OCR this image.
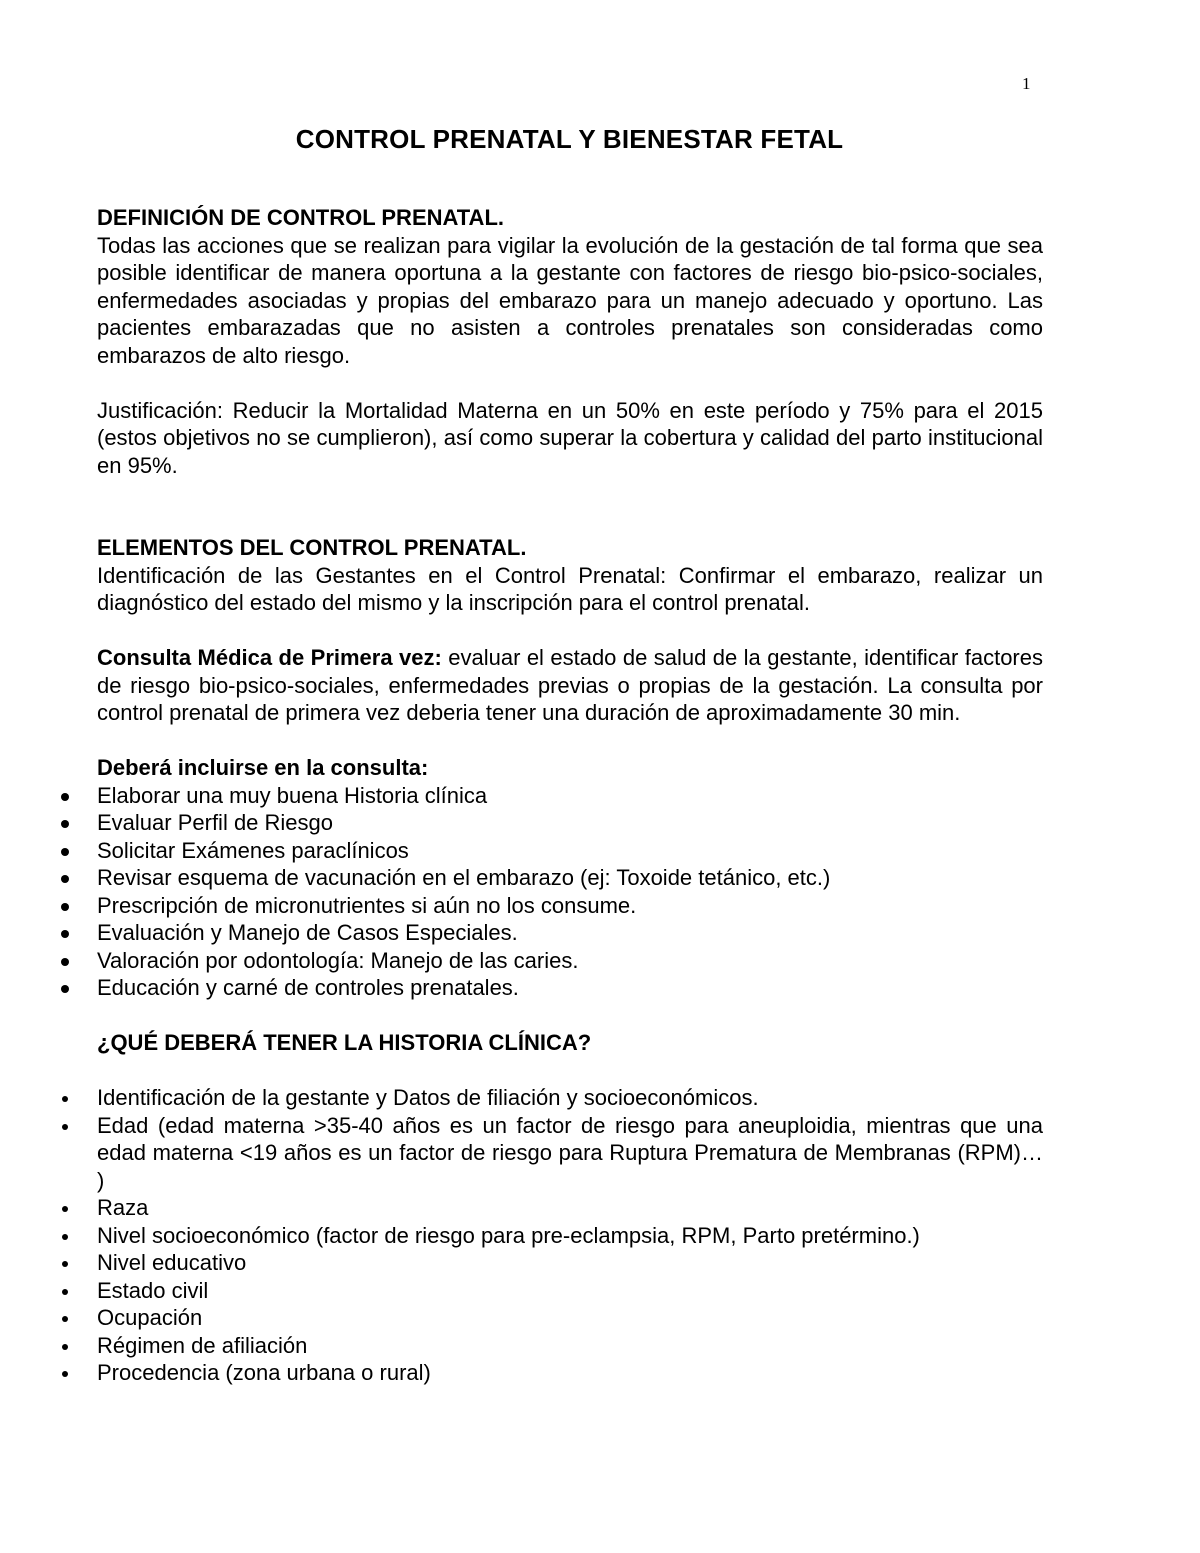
1
CONTROL PRENATAL Y BIENESTAR FETAL

DEFINICIÓN DE CONTROL PRENATAL.

Todas las acciones que se realizan para vigilar la evolución de la gestación de tal forma que sea posible identificar de manera oportuna a la gestante con factores de riesgo bio-psico-sociales, enfermedades asociadas y propias del embarazo para un manejo adecuado y oportuno. Las pacientes embarazadas que no asisten a controles prenatales son consideradas como embarazos de alto riesgo.

Justificación: Reducir la Mortalidad Materna en un 50% en este período y 75% para el 2015 (estos objetivos no se cumplieron), así como superar la cobertura y calidad del parto institucional en 95%.

ELEMENTOS DEL CONTROL PRENATAL.

Identificación de las Gestantes en el Control Prenatal: Confirmar el embarazo, realizar un diagnóstico del estado del mismo y la inscripción para el control prenatal.

Consulta Médica de Primera vez: evaluar el estado de salud de la gestante, identificar factores de riesgo bio-psico-sociales, enfermedades previas o propias de la gestación. La consulta por control prenatal de primera vez deberia tener una duración de aproximadamente 30 min.

Deberá incluirse en la consulta:

Elaborar una muy buena Historia clínica
Evaluar Perfil de Riesgo
Solicitar Exámenes paraclínicos
Revisar esquema de vacunación en el embarazo (ej: Toxoide tetánico, etc.)
Prescripción de micronutrientes si aún no los consume.
Evaluación y Manejo de Casos Especiales.
Valoración por odontología: Manejo de las caries.
Educación y carné de controles prenatales.

¿QUÉ DEBERÁ TENER LA HISTORIA CLÍNICA?

Identificación de la gestante y Datos de filiación y socioeconómicos.
Edad (edad materna >35-40 años es un factor de riesgo para aneuploidia, mientras que una edad materna <19 años es un factor de riesgo para Ruptura Prematura de Membranas (RPM)… )
Raza
Nivel socioeconómico (factor de riesgo para pre-eclampsia, RPM, Parto pretérmino.)
Nivel educativo
Estado civil
Ocupación
Régimen de afiliación
Procedencia (zona urbana o rural)
